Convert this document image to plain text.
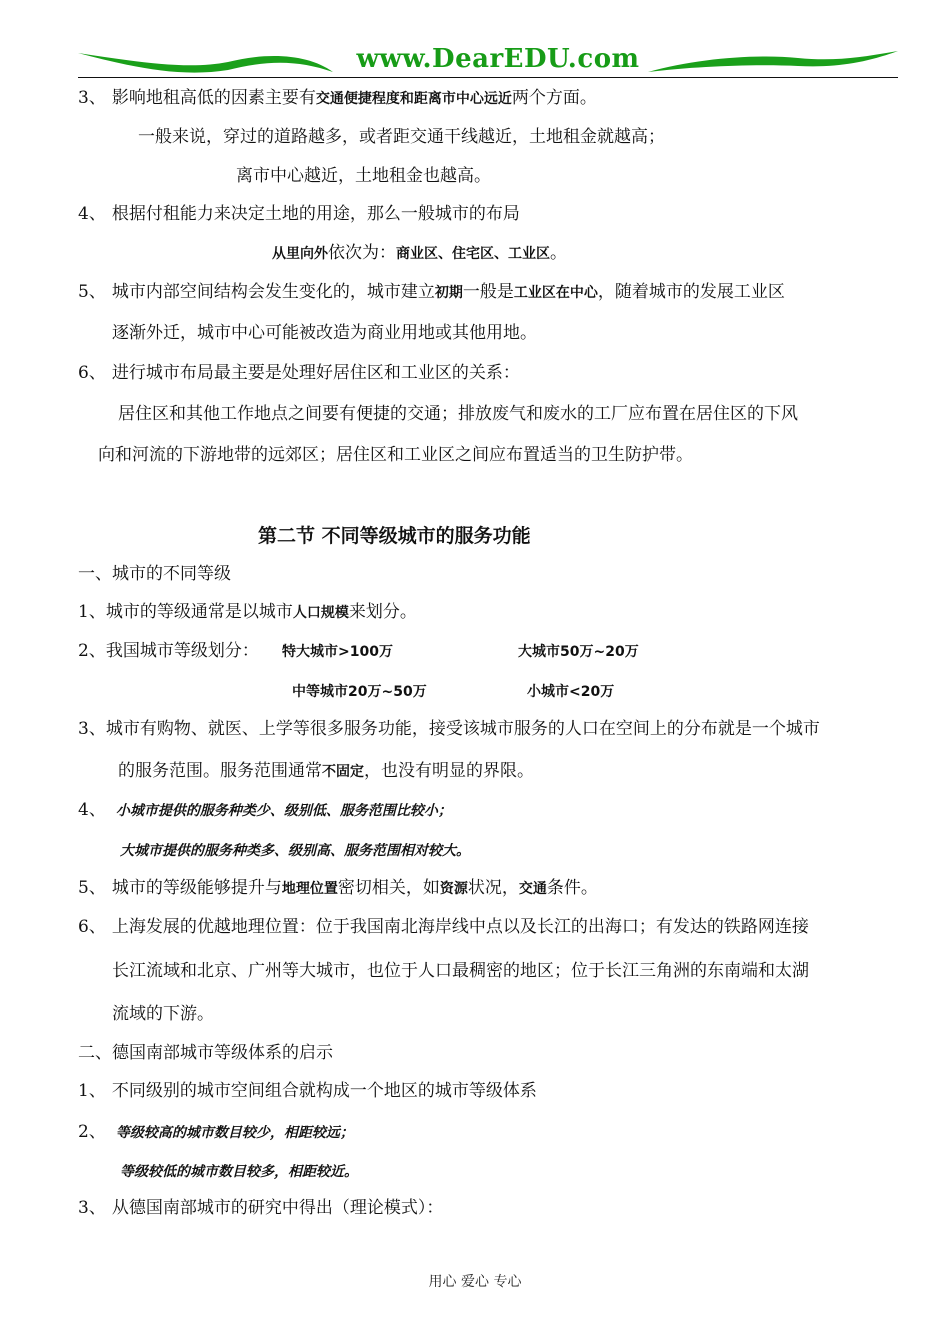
www.DearEDU.com
3、 影响地租高低的因素主要有交通便捷程度和距离市中心远近两个方面。
一般来说，穿过的道路越多，或者距交通干线越近，土地租金就越高；
离市中心越近，土地租金也越高。
4、 根据付租能力来决定土地的用途，那么一般城市的布局
从里向外依次为：商业区、住宅区、工业区。
5、 城市内部空间结构会发生变化的，城市建立初期一般是工业区在中心，随着城市的发展工业区
逐渐外迁，城市中心可能被改造为商业用地或其他用地。
6、 进行城市布局最主要是处理好居住区和工业区的关系：
居住区和其他工作地点之间要有便捷的交通；排放废气和废水的工厂应布置在居住区的下风
向和河流的下游地带的远郊区；居住区和工业区之间应布置适当的卫生防护带。
第二节 不同等级城市的服务功能
一、城市的不同等级
1、城市的等级通常是以城市人口规模来划分。
2、我国城市等级划分： 特大城市>100万	大城市50万~20万
中等城市20万~50万	小城市<20万
3、城市有购物、就医、上学等很多服务功能，接受该城市服务的人口在空间上的分布就是一个城市
的服务范围。服务范围通常不固定，也没有明显的界限。
4、 小城市提供的服务种类少、级别低、服务范围比较小；
大城市提供的服务种类多、级别高、服务范围相对较大。
5、 城市的等级能够提升与地理位置密切相关，如资源状况，交通条件。
6、 上海发展的优越地理位置：位于我国南北海岸线中点以及长江的出海口；有发达的铁路网连接
长江流域和北京、广州等大城市，也位于人口最稠密的地区；位于长江三角洲的东南端和太湖
流域的下游。
二、德国南部城市等级体系的启示
1、 不同级别的城市空间组合就构成一个地区的城市等级体系
2、 等级较高的城市数目较少，相距较远；
等级较低的城市数目较多，相距较近。
3、 从德国南部城市的研究中得出（理论模式）：
用心 爱心 专心
